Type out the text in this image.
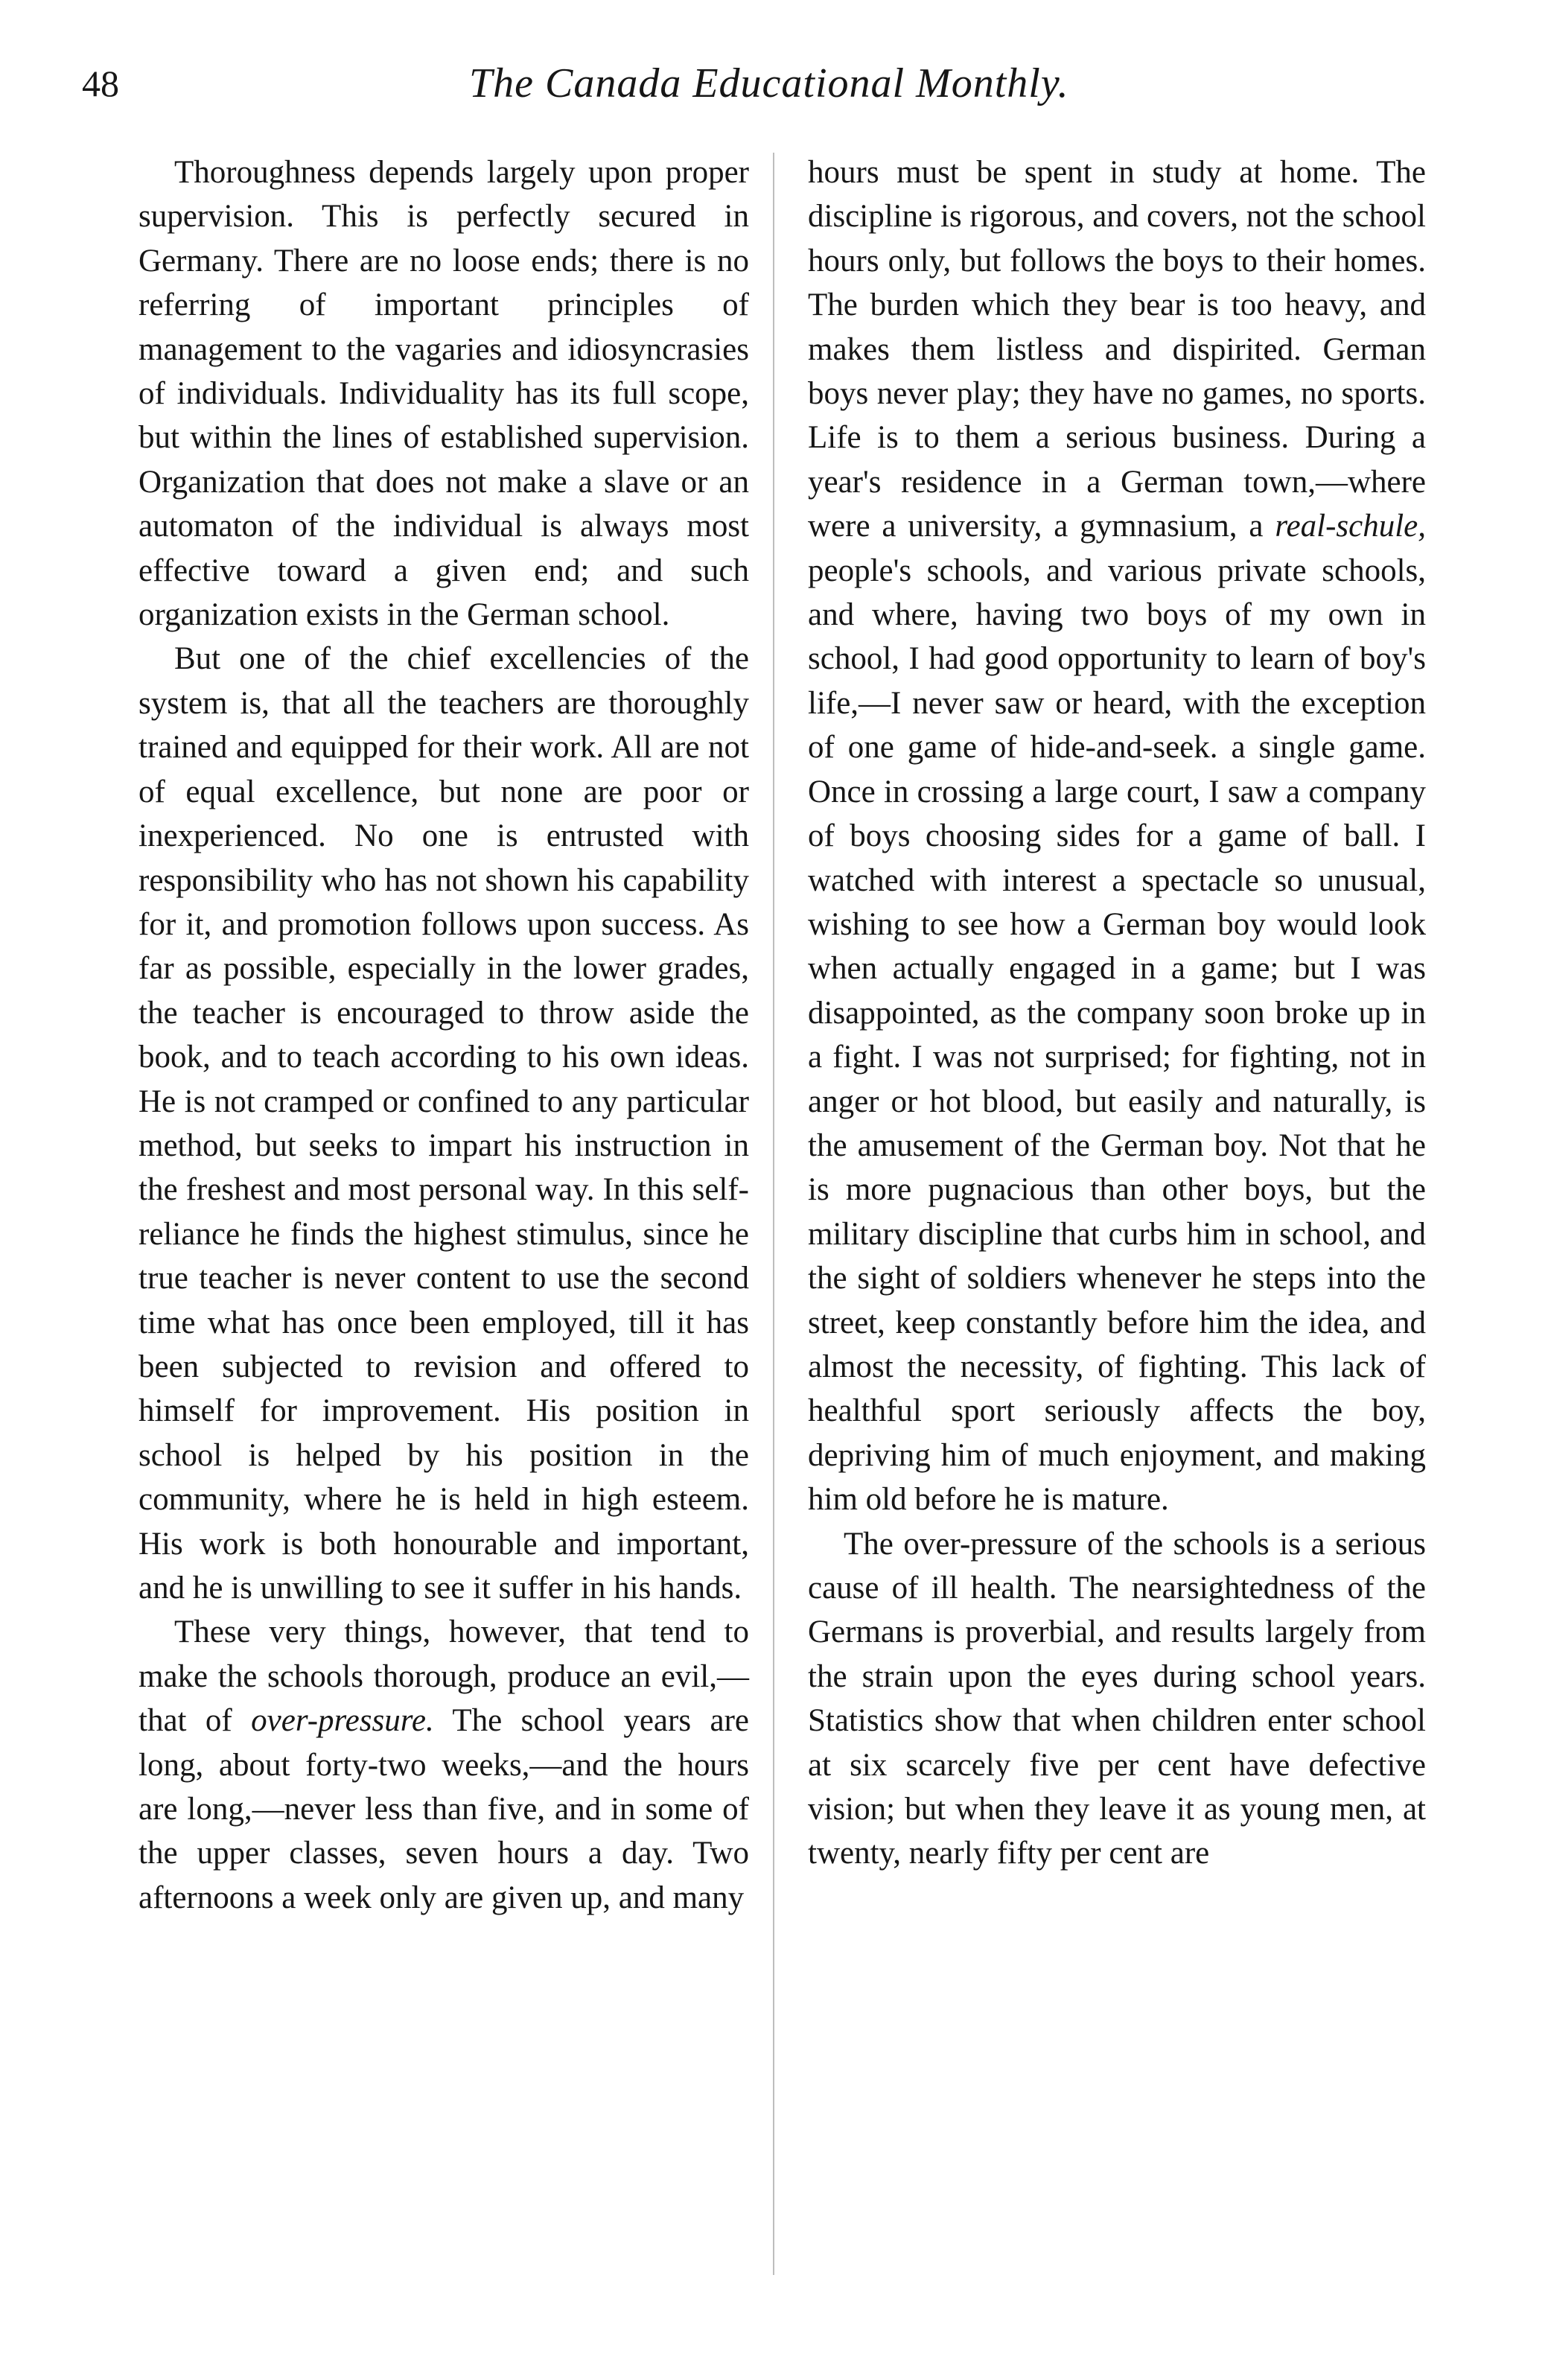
48	The Canada Educational Monthly.

Thoroughness depends largely upon proper supervision. This is perfectly secured in Germany. There are no loose ends; there is no referring of important principles of management to the vagaries and idiosyncrasies of individuals. Individuality has its full scope, but within the lines of established supervision. Organization that does not make a slave or an automaton of the individual is always most effective toward a given end; and such organization exists in the German school.

But one of the chief excellencies of the system is, that all the teachers are thoroughly trained and equipped for their work. All are not of equal excellence, but none are poor or inexperienced. No one is entrusted with responsibility who has not shown his capability for it, and promotion follows upon success. As far as possible, especially in the lower grades, the teacher is encouraged to throw aside the book, and to teach according to his own ideas. He is not cramped or confined to any particular method, but seeks to impart his instruction in the freshest and most personal way. In this self-reliance he finds the highest stimulus, since he true teacher is never content to use the second time what has once been employed, till it has been subjected to revision and offered to himself for improvement. His position in school is helped by his position in the community, where he is held in high esteem. His work is both honourable and important, and he is unwilling to see it suffer in his hands.

These very things, however, that tend to make the schools thorough, produce an evil,—that of over-pressure. The school years are long, about forty-two weeks,—and the hours are long,—never less than five, and in some of the upper classes, seven hours a day. Two afternoons a week only are given up, and many

hours must be spent in study at home. The discipline is rigorous, and covers, not the school hours only, but follows the boys to their homes. The burden which they bear is too heavy, and makes them listless and dispirited. German boys never play; they have no games, no sports. Life is to them a serious business. During a year's residence in a German town,—where were a university, a gymnasium, a real-schule, people's schools, and various private schools, and where, having two boys of my own in school, I had good opportunity to learn of boy's life,—I never saw or heard, with the exception of one game of hide-and-seek. a single game. Once in crossing a large court, I saw a company of boys choosing sides for a game of ball. I watched with interest a spectacle so unusual, wishing to see how a German boy would look when actually engaged in a game; but I was disappointed, as the company soon broke up in a fight. I was not surprised; for fighting, not in anger or hot blood, but easily and naturally, is the amusement of the German boy. Not that he is more pugnacious than other boys, but the military discipline that curbs him in school, and the sight of soldiers whenever he steps into the street, keep constantly before him the idea, and almost the necessity, of fighting. This lack of healthful sport seriously affects the boy, depriving him of much enjoyment, and making him old before he is mature.

The over-pressure of the schools is a serious cause of ill health. The nearsightedness of the Germans is proverbial, and results largely from the strain upon the eyes during school years. Statistics show that when children enter school at six scarcely five per cent have defective vision; but when they leave it as young men, at twenty, nearly fifty per cent are
